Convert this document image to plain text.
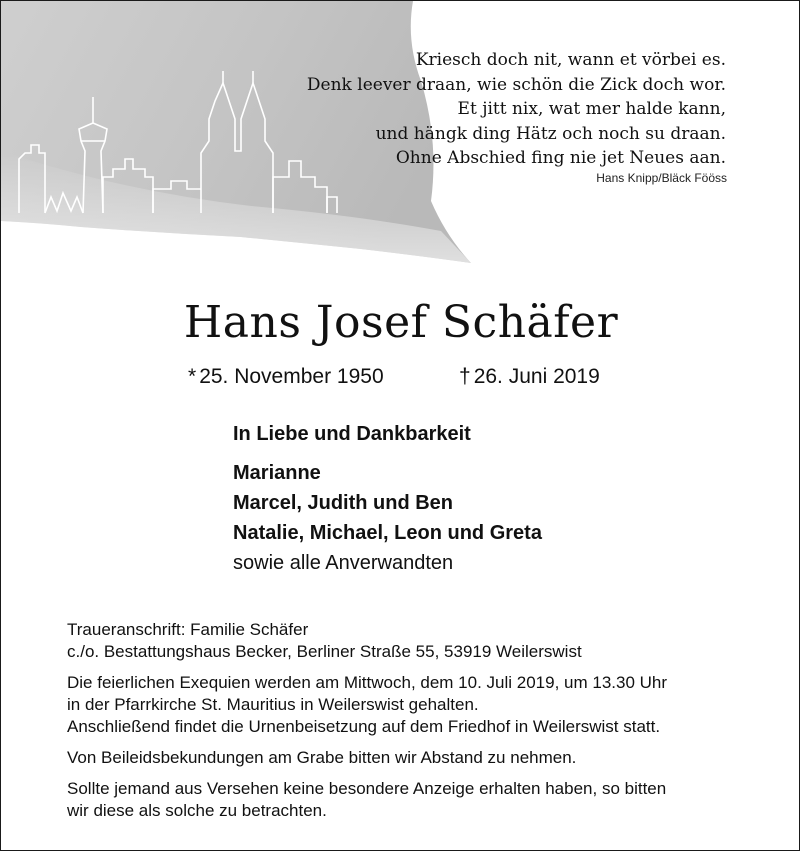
Kriesch doch nit, wann et vörbei es.
Denk leever draan, wie schön die Zick doch wor.
Et jitt nix, wat mer halde kann,
und hängk ding Hätz och noch su draan.
Ohne Abschied fing nie jet Neues aan.
Hans Knipp/Bläck Fööss
Hans Josef Schäfer
* 25. November 1950	† 26. Juni 2019
In Liebe und Dankbarkeit
Marianne
Marcel, Judith und Ben
Natalie, Michael, Leon und Greta
sowie alle Anverwandten

Traueranschrift: Familie Schäfer
c./o. Bestattungshaus Becker, Berliner Straße 55, 53919 Weilerswist

Die feierlichen Exequien werden am Mittwoch, dem 10. Juli 2019, um 13.30 Uhr
in der Pfarrkirche St. Mauritius in Weilerswist gehalten.
Anschließend findet die Urnenbeisetzung auf dem Friedhof in Weilerswist statt.

Von Beileidsbekundungen am Grabe bitten wir Abstand zu nehmen.

Sollte jemand aus Versehen keine besondere Anzeige erhalten haben, so bitten
wir diese als solche zu betrachten.
